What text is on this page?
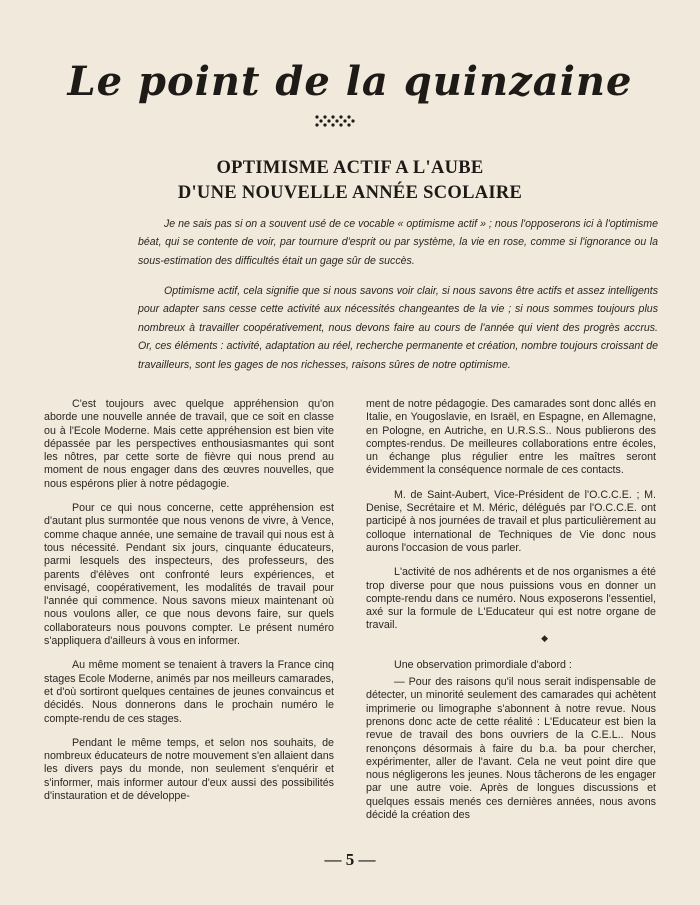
Le point de la quinzaine
OPTIMISME ACTIF A L'AUBE
D'UNE NOUVELLE ANNÉE SCOLAIRE

Je ne sais pas si on a souvent usé de ce vocable « optimisme actif » ; nous l'opposerons ici à l'optimisme béat, qui se contente de voir, par tournure d'esprit ou par système, la vie en rose, comme si l'ignorance ou la sous-estimation des difficultés était un gage sûr de succès.

Optimisme actif, cela signifie que si nous savons voir clair, si nous savons être actifs et assez intelligents pour adapter sans cesse cette activité aux nécessités changeantes de la vie ; si nous sommes toujours plus nombreux à travailler coopérativement, nous devons faire au cours de l'année qui vient des progrès accrus. Or, ces éléments : activité, adaptation au réel, recherche permanente et création, nombre toujours croissant de travailleurs, sont les gages de nos richesses, raisons sûres de notre optimisme.

C'est toujours avec quelque appréhension qu'on aborde une nouvelle année de travail, que ce soit en classe ou à l'Ecole Moderne. Mais cette appréhension est bien vite dépassée par les perspectives enthousiasmantes qui sont les nôtres, par cette sorte de fièvre qui nous prend au moment de nous engager dans des œuvres nouvelles, que nous espérons plier à notre pédagogie.

Pour ce qui nous concerne, cette appréhension est d'autant plus surmontée que nous venons de vivre, à Vence, comme chaque année, une semaine de travail qui nous est à tous nécessité. Pendant six jours, cinquante éducateurs, parmi lesquels des inspecteurs, des professeurs, des parents d'élèves ont confronté leurs expériences, et envisagé, coopérativement, les modalités de travail pour l'année qui commence. Nous savons mieux maintenant où nous voulons aller, ce que nous devons faire, sur quels collaborateurs nous pouvons compter. Le présent numéro s'appliquera d'ailleurs à vous en informer.

Au même moment se tenaient à travers la France cinq stages Ecole Moderne, animés par nos meilleurs camarades, et d'où sortiront quelques centaines de jeunes convaincus et décidés. Nous donnerons dans le prochain numéro le compte-rendu de ces stages.

Pendant le même temps, et selon nos souhaits, de nombreux éducateurs de notre mouvement s'en allaient dans les divers pays du monde, non seulement s'enquérir et s'informer, mais informer autour d'eux aussi des possibilités d'instauration et de développe-

ment de notre pédagogie. Des camarades sont donc allés en Italie, en Yougoslavie, en Israël, en Espagne, en Allemagne, en Pologne, en Autriche, en U.R.S.S.. Nous publierons des comptes-rendus. De meilleures collaborations entre écoles, un échange plus régulier entre les maîtres seront évidemment la conséquence normale de ces contacts.

M. de Saint-Aubert, Vice-Président de l'O.C.C.E. ; M. Denise, Secrétaire et M. Méric, délégués par l'O.C.C.E. ont participé à nos journées de travail et plus particulièrement au colloque international de Techniques de Vie donc nous aurons l'occasion de vous parler.

L'activité de nos adhérents et de nos organismes a été trop diverse pour que nous puissions vous en donner un compte-rendu dans ce numéro. Nous exposerons l'essentiel, axé sur la formule de L'Educateur qui est notre organe de travail.

◆

Une observation primordiale d'abord :

— Pour des raisons qu'il nous serait indispensable de détecter, un minorité seulement des camarades qui achètent imprimerie ou limographe s'abonnent à notre revue. Nous prenons donc acte de cette réalité : L'Educateur est bien la revue de travail des bons ouvriers de la C.E.L.. Nous renonçons désormais à faire du b.a. ba pour chercher, expérimenter, aller de l'avant. Cela ne veut point dire que nous négligerons les jeunes. Nous tâcherons de les engager par une autre voie. Après de longues discussions et quelques essais menés ces dernières années, nous avons décidé la création des

— 5 —
